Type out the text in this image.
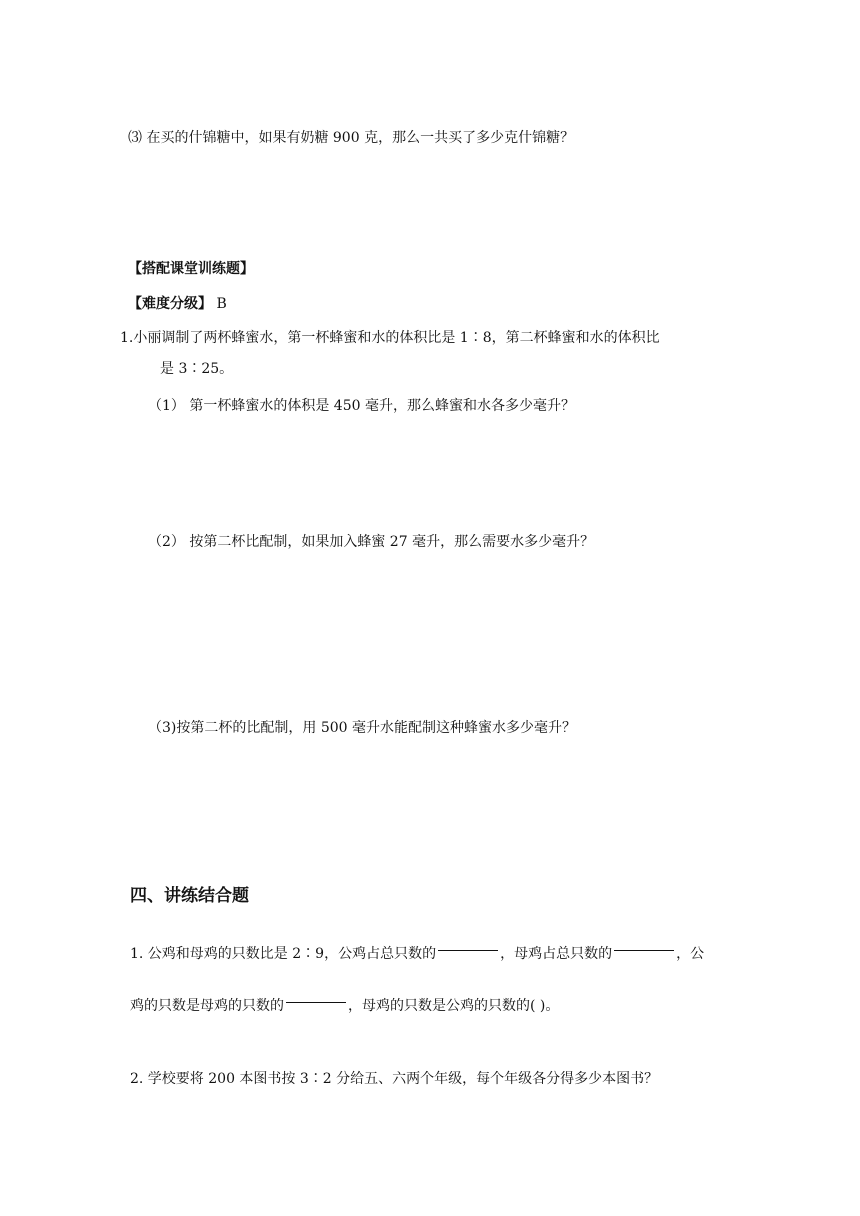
⑶ 在买的什锦糖中，如果有奶糖 900 克，那么一共买了多少克什锦糖？
【搭配课堂训练题】
【难度分级】 B
1.小丽调制了两杯蜂蜜水，第一杯蜂蜜和水的体积比是 1∶8，第二杯蜂蜜和水的体积比
是 3∶25。
（1） 第一杯蜂蜜水的体积是 450 毫升，那么蜂蜜和水各多少毫升？
（2） 按第二杯比配制，如果加入蜂蜜 27 毫升，那么需要水多少毫升？
（3)按第二杯的比配制，用 500 毫升水能配制这种蜂蜜水多少毫升？
四、讲练结合题
1. 公鸡和母鸡的只数比是 2∶9，公鸡占总只数的	，母鸡占总只数的	，公
鸡的只数是母鸡的只数的	，母鸡的只数是公鸡的只数的( )。
2. 学校要将 200 本图书按 3∶2 分给五、六两个年级，每个年级各分得多少本图书？
